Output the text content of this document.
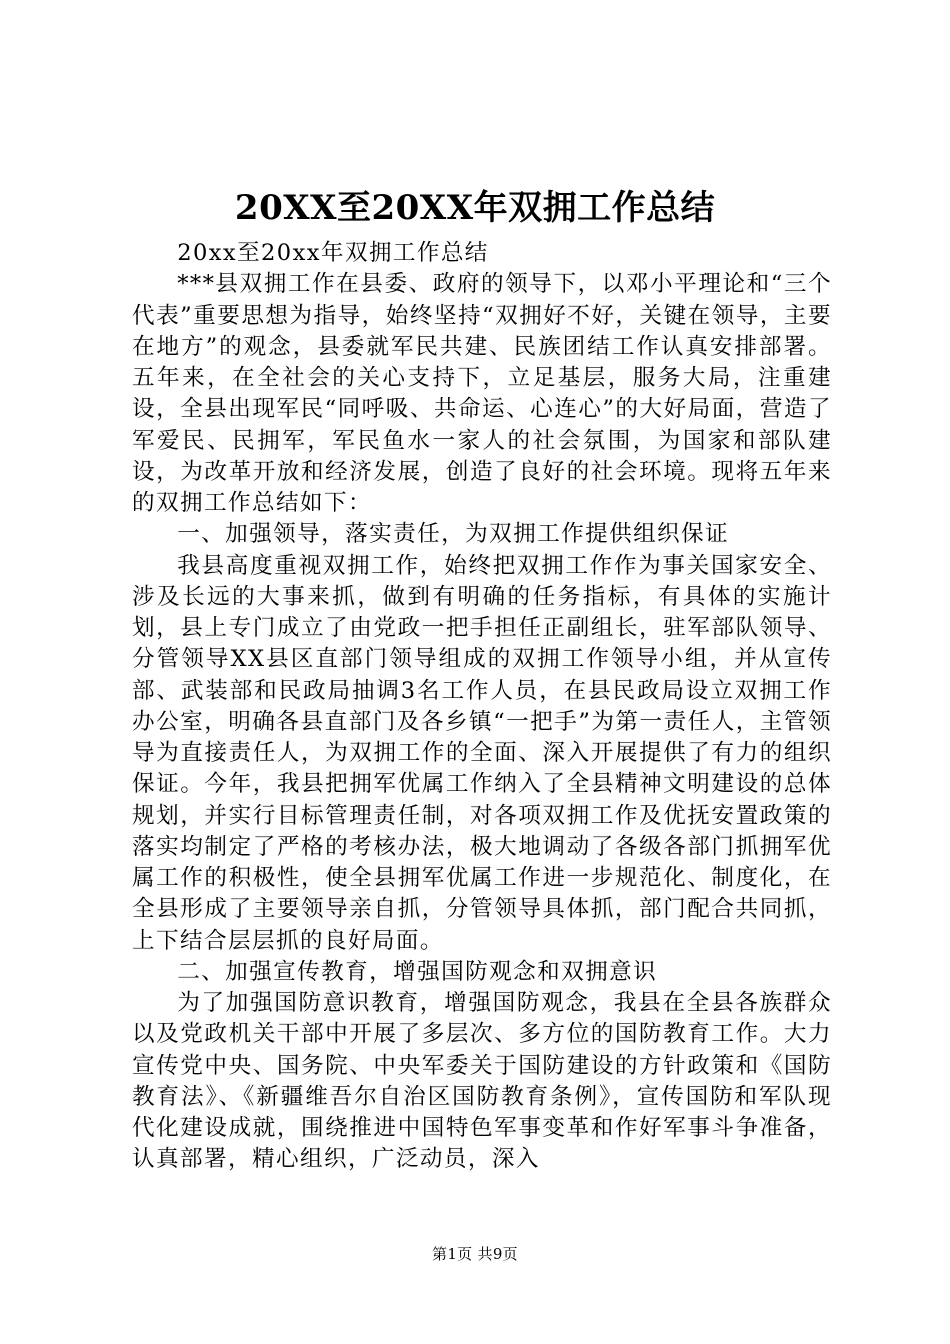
20XX至20XX年双拥工作总结

20xx至20xx年双拥工作总结

***县双拥工作在县委、政府的领导下，以邓小平理论和“三个代表”重要思想为指导，始终坚持“双拥好不好，关键在领导，主要在地方”的观念，县委就军民共建、民族团结工作认真安排部署。五年来，在全社会的关心支持下，立足基层，服务大局，注重建设，全县出现军民“同呼吸、共命运、心连心”的大好局面，营造了军爱民、民拥军，军民鱼水一家人的社会氛围，为国家和部队建设，为改革开放和经济发展，创造了良好的社会环境。现将五年来的双拥工作总结如下：

一、加强领导，落实责任，为双拥工作提供组织保证

我县高度重视双拥工作，始终把双拥工作作为事关国家安全、涉及长远的大事来抓，做到有明确的任务指标，有具体的实施计划，县上专门成立了由党政一把手担任正副组长，驻军部队领导、分管领导XX县区直部门领导组成的双拥工作领导小组，并从宣传部、武装部和民政局抽调3名工作人员，在县民政局设立双拥工作办公室，明确各县直部门及各乡镇“一把手”为第一责任人，主管领导为直接责任人，为双拥工作的全面、深入开展提供了有力的组织保证。今年，我县把拥军优属工作纳入了全县精神文明建设的总体规划，并实行目标管理责任制，对各项双拥工作及优抚安置政策的落实均制定了严格的考核办法，极大地调动了各级各部门抓拥军优属工作的积极性，使全县拥军优属工作进一步规范化、制度化，在全县形成了主要领导亲自抓，分管领导具体抓，部门配合共同抓，上下结合层层抓的良好局面。

二、加强宣传教育，增强国防观念和双拥意识

为了加强国防意识教育，增强国防观念，我县在全县各族群众以及党政机关干部中开展了多层次、多方位的国防教育工作。大力宣传党中央、国务院、中央军委关于国防建设的方针政策和《国防教育法》、《新疆维吾尔自治区国防教育条例》，宣传国防和军队现代化建设成就，围绕推进中国特色军事变革和作好军事斗争准备，认真部署，精心组织，广泛动员，深入

第1页 共9页
